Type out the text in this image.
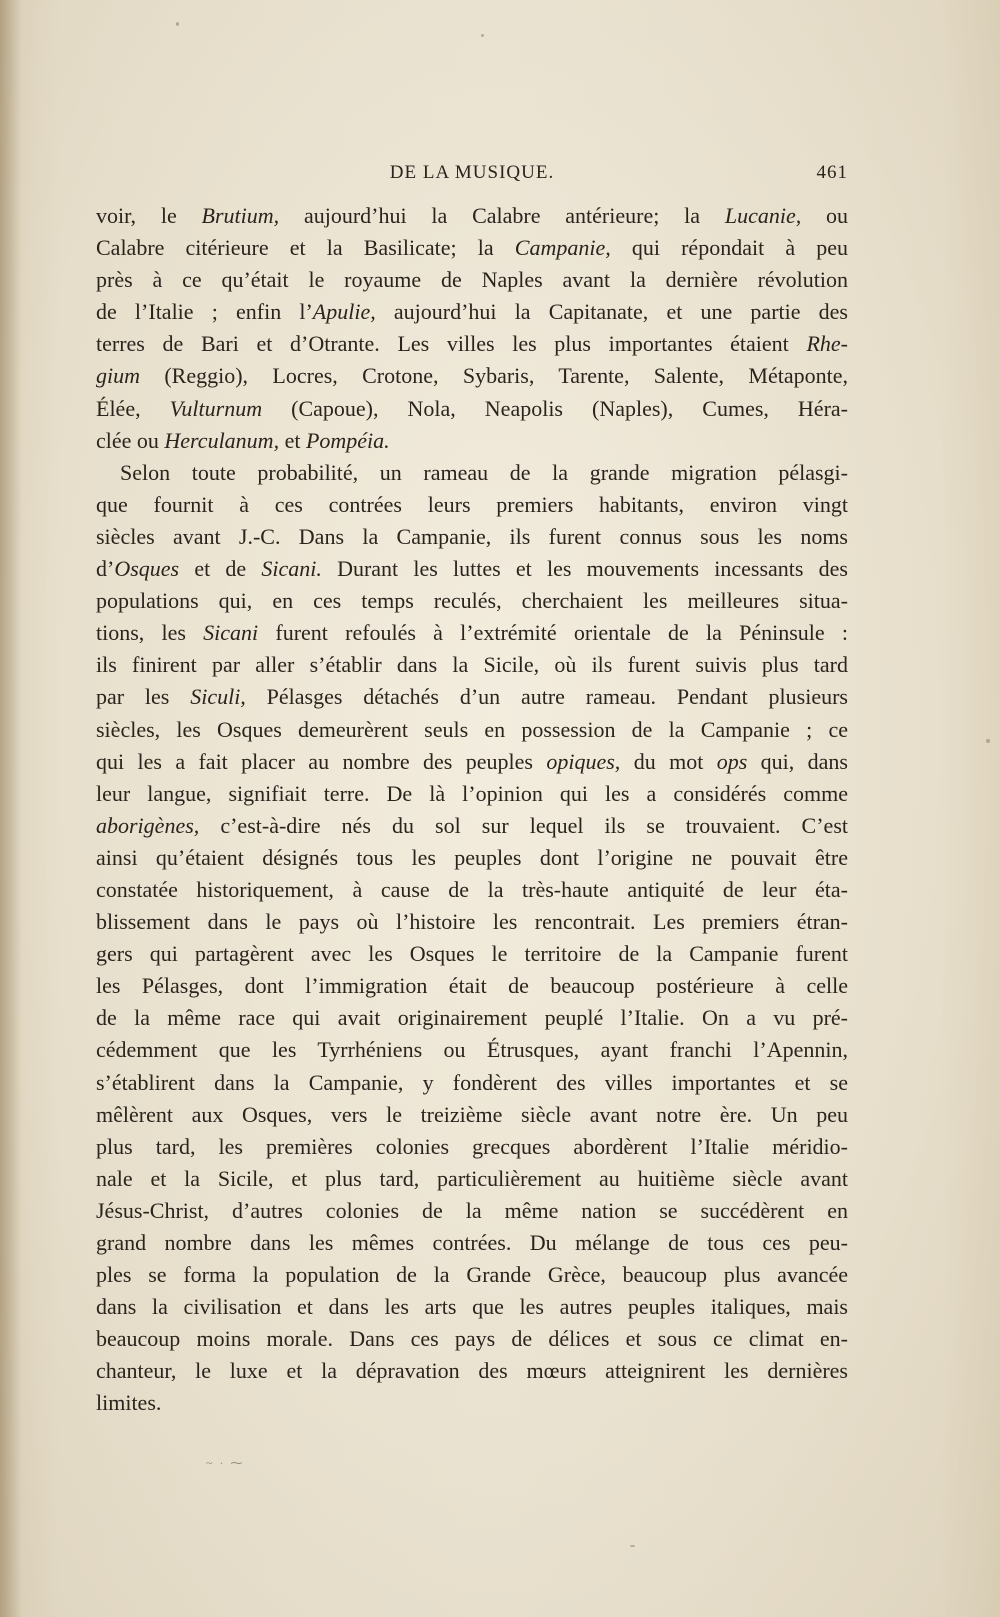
DE LA MUSIQUE.	461
voir, le Brutium, aujourd’hui la Calabre antérieure; la Lucanie, ou
Calabre citérieure et la Basilicate; la Campanie, qui répondait à peu
près à ce qu’était le royaume de Naples avant la dernière révolution
de l’Italie ; enfin l’Apulie, aujourd’hui la Capitanate, et une partie des
terres de Bari et d’Otrante. Les villes les plus importantes étaient Rhe-
gium (Reggio), Locres, Crotone, Sybaris, Tarente, Salente, Métaponte,
Élée, Vulturnum (Capoue), Nola, Neapolis (Naples), Cumes, Héra-
clée ou Herculanum, et Pompéia.
Selon toute probabilité, un rameau de la grande migration pélasgi-
que fournit à ces contrées leurs premiers habitants, environ vingt
siècles avant J.-C. Dans la Campanie, ils furent connus sous les noms
d’Osques et de Sicani. Durant les luttes et les mouvements incessants des
populations qui, en ces temps reculés, cherchaient les meilleures situa-
tions, les Sicani furent refoulés à l’extrémité orientale de la Péninsule :
ils finirent par aller s’établir dans la Sicile, où ils furent suivis plus tard
par les Siculi, Pélasges détachés d’un autre rameau. Pendant plusieurs
siècles, les Osques demeurèrent seuls en possession de la Campanie ; ce
qui les a fait placer au nombre des peuples opiques, du mot ops qui, dans
leur langue, signifiait terre. De là l’opinion qui les a considérés comme
aborigènes, c’est-à-dire nés du sol sur lequel ils se trouvaient. C’est
ainsi qu’étaient désignés tous les peuples dont l’origine ne pouvait être
constatée historiquement, à cause de la très-haute antiquité de leur éta-
blissement dans le pays où l’histoire les rencontrait. Les premiers étran-
gers qui partagèrent avec les Osques le territoire de la Campanie furent
les Pélasges, dont l’immigration était de beaucoup postérieure à celle
de la même race qui avait originairement peuplé l’Italie. On a vu pré-
cédemment que les Tyrrhéniens ou Étrusques, ayant franchi l’Apennin,
s’établirent dans la Campanie, y fondèrent des villes importantes et se
mêlèrent aux Osques, vers le treizième siècle avant notre ère. Un peu
plus tard, les premières colonies grecques abordèrent l’Italie méridio-
nale et la Sicile, et plus tard, particulièrement au huitième siècle avant
Jésus-Christ, d’autres colonies de la même nation se succédèrent en
grand nombre dans les mêmes contrées. Du mélange de tous ces peu-
ples se forma la population de la Grande Grèce, beaucoup plus avancée
dans la civilisation et dans les arts que les autres peuples italiques, mais
beaucoup moins morale. Dans ces pays de délices et sous ce climat en-
chanteur, le luxe et la dépravation des mœurs atteignirent les dernières
limites.
~ · ⁓
